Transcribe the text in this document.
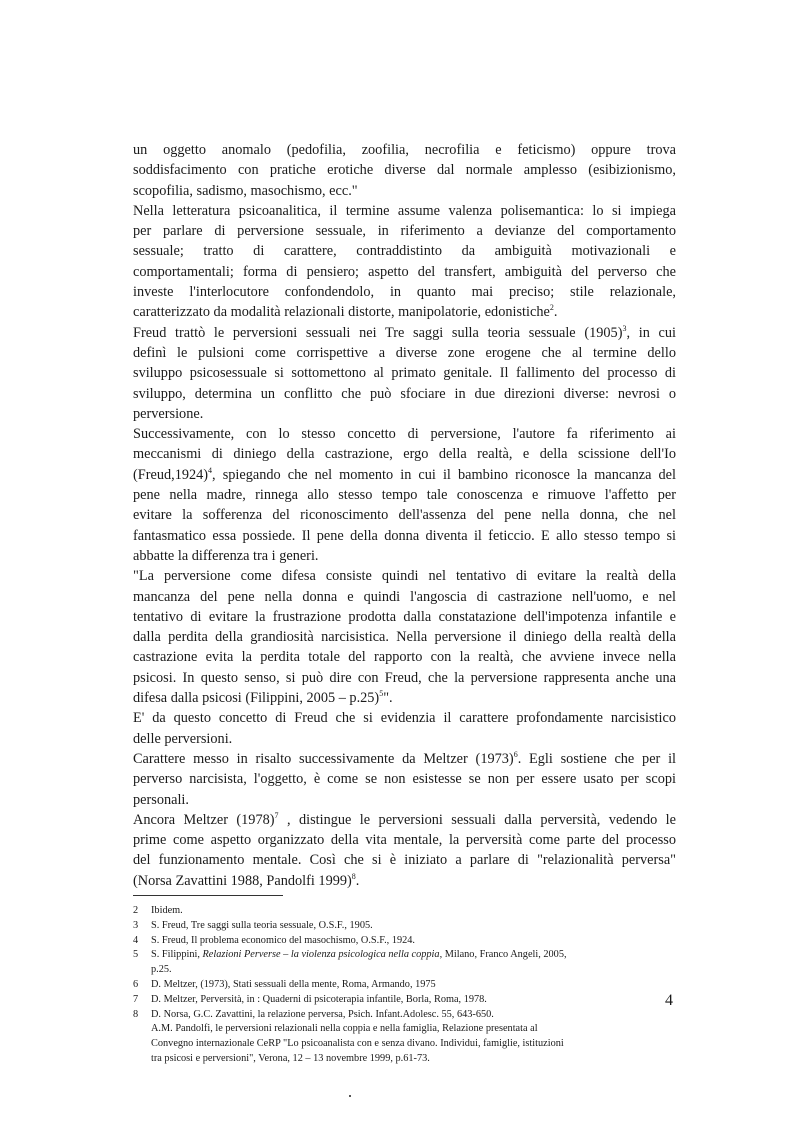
un oggetto anomalo (pedofilia, zoofilia, necrofilia e feticismo) oppure trova
soddisfacimento con pratiche erotiche diverse dal normale amplesso (esibizionismo,
scopofilia, sadismo, masochismo, ecc."

Nella letteratura psicoanalitica, il termine assume valenza polisemantica: lo si impiega
per parlare di perversione sessuale, in riferimento a devianze del comportamento
sessuale; tratto di carattere, contraddistinto da ambiguità motivazionali e
comportamentali; forma di pensiero; aspetto del transfert, ambiguità del perverso che
investe l'interlocutore confondendolo, in quanto mai preciso; stile relazionale,
caratterizzato da modalità relazionali distorte, manipolatorie, edonistiche$^2$.

Freud trattò le perversioni sessuali nei Tre saggi sulla teoria sessuale $(1905)^3$, in cui
definì le pulsioni come corrispettive a diverse zone erogene che al termine dello
sviluppo psicosessuale si sottomettono al primato genitale. Il fallimento del processo di
sviluppo, determina un conflitto che può sfociare in due direzioni diverse: nevrosi o
perversione.

Successivamente, con lo stesso concetto di perversione, l'autore fa riferimento ai
meccanismi di diniego della castrazione, ergo della realtà, e della scissione dell'Io
(Freud,1924)$^4$, spiegando che nel momento in cui il bambino riconosce la mancanza del
pene nella madre, rinnega allo stesso tempo tale conoscenza e rimuove l'affetto per
evitare la sofferenza del riconoscimento dell'assenza del pene nella donna, che nel
fantasmatico essa possiede. Il pene della donna diventa il feticcio. E allo stesso tempo si
abbatte la differenza tra i generi.

"La perversione come difesa consiste quindi nel tentativo di evitare la realtà della
mancanza del pene nella donna e quindi l'angoscia di castrazione nell'uomo, e nel
tentativo di evitare la frustrazione prodotta dalla constatazione dell'impotenza infantile e
dalla perdita della grandiosità narcisistica. Nella perversione il diniego della realtà della
castrazione evita la perdita totale del rapporto con la realtà, che avviene invece nella
psicosi. In questo senso, si può dire con Freud, che la perversione rappresenta anche una
difesa dalla psicosi (Filippini, 2005 – p.25)$^5$".

E' da questo concetto di Freud che si evidenzia il carattere profondamente narcisistico
delle perversioni.

Carattere messo in risalto successivamente da Meltzer $(1973)^6$. Egli sostiene che per il
perverso narcisista, l'oggetto, è come se non esistesse se non per essere usato per scopi
personali.

Ancora Meltzer $(1978)^7$ , distingue le perversioni sessuali dalla perversità, vedendo le
prime come aspetto organizzato della vita mentale, la perversità come parte del processo
del funzionamento mentale. Così che si è iniziato a parlare di "relazionalità perversa"
(Norsa Zavattini 1988, Pandolfi 1999)$^8$.

2	Ibidem.
3	S. Freud, Tre saggi sulla teoria sessuale, O.S.F., 1905.
4	S. Freud, Il problema economico del masochismo, O.S.F., 1924.
5	S. Filippini, Relazioni Perverse – la violenza psicologica nella coppia, Milano, Franco Angeli, 2005,
p.25.
6	D. Meltzer, (1973), Stati sessuali della mente, Roma, Armando, 1975
7	D. Meltzer, Perversità, in : Quaderni di psicoterapia infantile, Borla, Roma, 1978.
8	D. Norsa, G.C. Zavattini, la relazione perversa, Psich. Infant.Adolesc. 55, 643-650.
A.M. Pandolfi, le perversioni relazionali nella coppia e nella famiglia, Relazione presentata al
Convegno internazionale CeRP "Lo psicoanalista con e senza divano. Individui, famiglie, istituzioni
tra psicosi e perversioni", Verona, 12 – 13 novembre 1999, p.61-73.
4
